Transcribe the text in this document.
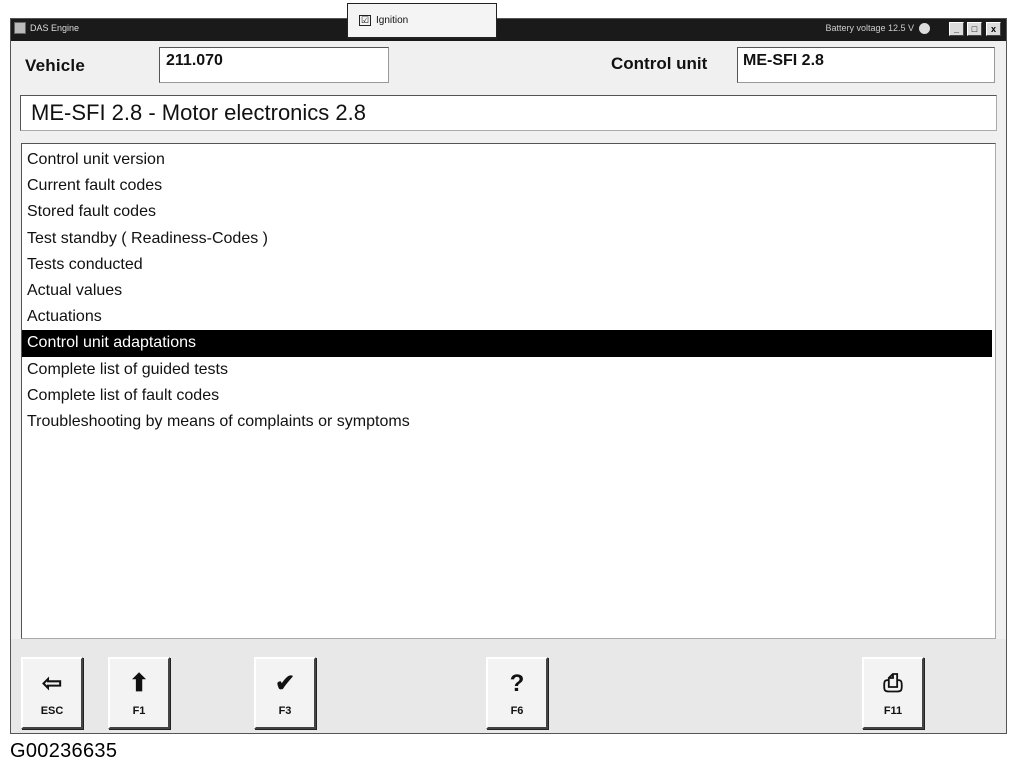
DAS Engine	Battery voltage 12.5 V	_	□	x
Vehicle	211.070	Control unit	ME-SFI 2.8
ME-SFI 2.8 - Motor electronics 2.8
Control unit version
Current fault codes
Stored fault codes
Test standby ( Readiness-Codes )
Tests conducted
Actual values
Actuations
Control unit adaptations
Complete list of guided tests
Complete list of fault codes
Troubleshooting by means of complaints or symptoms
⇦
ESC
⬆
F1
✔
F3
?
F6
⎙
F11
☑ Ignition
G00236635
